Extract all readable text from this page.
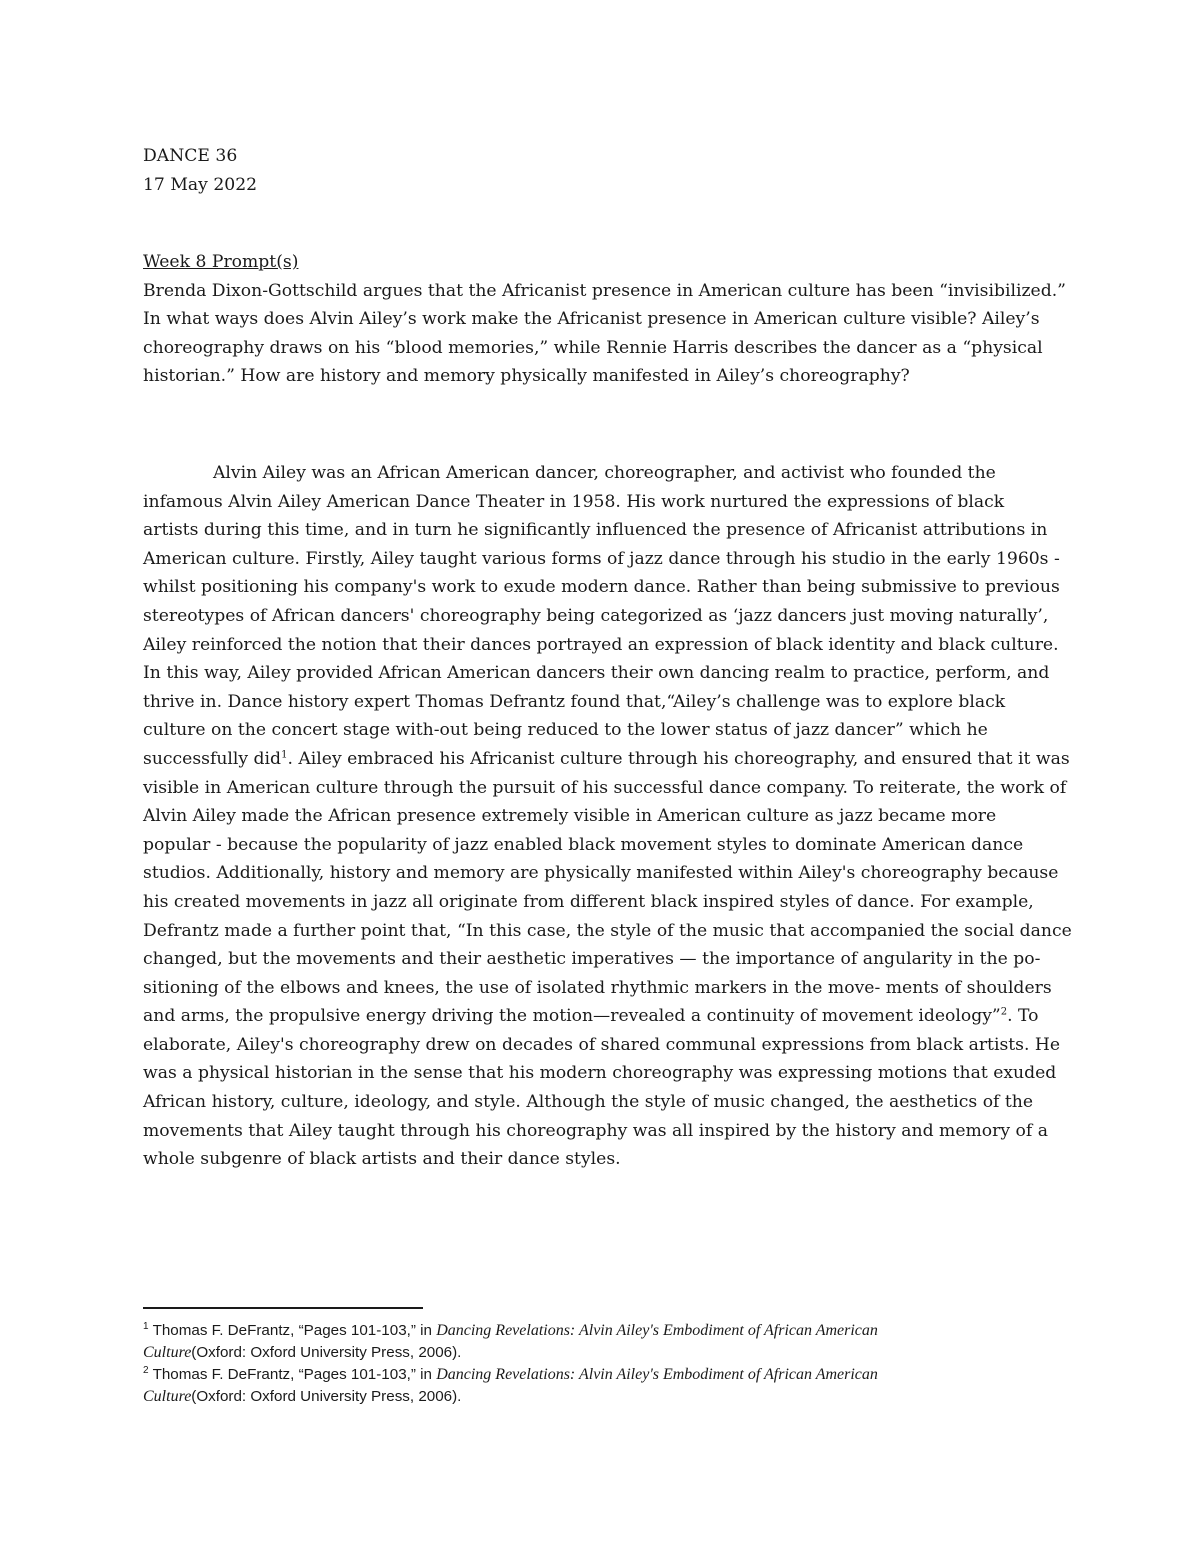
DANCE 36
17 May 2022
Week 8 Prompt(s)
Brenda Dixon-Gottschild argues that the Africanist presence in American culture has been “invisibilized.”
In what ways does Alvin Ailey’s work make the Africanist presence in American culture visible? Ailey’s
choreography draws on his “blood memories,” while Rennie Harris describes the dancer as a “physical
historian.” How are history and memory physically manifested in Ailey’s choreography?
Alvin Ailey was an African American dancer, choreographer, and activist who founded the
infamous Alvin Ailey American Dance Theater in 1958. His work nurtured the expressions of black
artists during this time, and in turn he significantly influenced the presence of Africanist attributions in
American culture. Firstly, Ailey taught various forms of jazz dance through his studio in the early 1960s -
whilst positioning his company's work to exude modern dance. Rather than being submissive to previous
stereotypes of African dancers' choreography being categorized as ‘jazz dancers just moving naturally’,
Ailey reinforced the notion that their dances portrayed an expression of black identity and black culture.
In this way, Ailey provided African American dancers their own dancing realm to practice, perform, and
thrive in. Dance history expert Thomas Defrantz found that,“Ailey’s challenge was to explore black
culture on the concert stage with-out being reduced to the lower status of jazz dancer” which he
successfully did$^1$. Ailey embraced his Africanist culture through his choreography, and ensured that it was
visible in American culture through the pursuit of his successful dance company. To reiterate, the work of
Alvin Ailey made the African presence extremely visible in American culture as jazz became more
popular - because the popularity of jazz enabled black movement styles to dominate American dance
studios. Additionally, history and memory are physically manifested within Ailey's choreography because
his created movements in jazz all originate from different black inspired styles of dance. For example,
Defrantz made a further point that, “In this case, the style of the music that accompanied the social dance
changed, but the movements and their aesthetic imperatives — the importance of angularity in the po-
sitioning of the elbows and knees, the use of isolated rhythmic markers in the move- ments of shoulders
and arms, the propulsive energy driving the motion—revealed a continuity of movement ideology”$^2$. To
elaborate, Ailey's choreography drew on decades of shared communal expressions from black artists. He
was a physical historian in the sense that his modern choreography was expressing motions that exuded
African history, culture, ideology, and style. Although the style of music changed, the aesthetics of the
movements that Ailey taught through his choreography was all inspired by the history and memory of a
whole subgenre of black artists and their dance styles.
$^1$ Thomas F. DeFrantz, “Pages 101-103,” in Dancing Revelations: Alvin Ailey's Embodiment of African American
Culture(Oxford: Oxford University Press, 2006).
$^2$ Thomas F. DeFrantz, “Pages 101-103,” in Dancing Revelations: Alvin Ailey's Embodiment of African American
Culture(Oxford: Oxford University Press, 2006).
